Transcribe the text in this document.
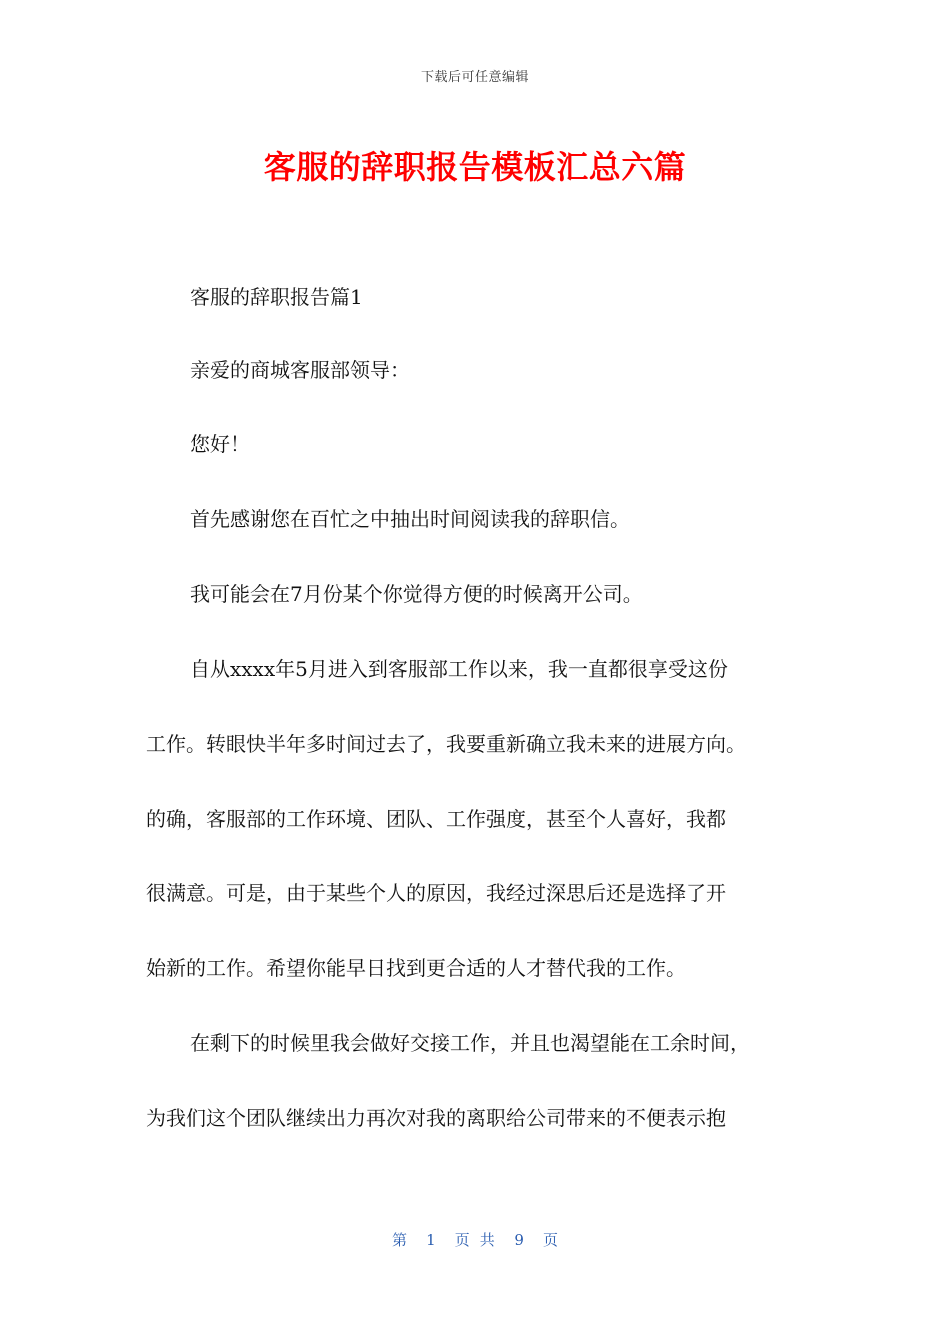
下载后可任意编辑
客服的辞职报告模板汇总六篇
客服的辞职报告篇1
亲爱的商城客服部领导：
您好！
首先感谢您在百忙之中抽出时间阅读我的辞职信。
我可能会在7月份某个你觉得方便的时候离开公司。
自从xxxx年5月进入到客服部工作以来，我一直都很享受这份
工作。转眼快半年多时间过去了，我要重新确立我未来的进展方向。
的确，客服部的工作环境、团队、工作强度，甚至个人喜好，我都
很满意。可是，由于某些个人的原因，我经过深思后还是选择了开
始新的工作。希望你能早日找到更合适的人才替代我的工作。
在剩下的时候里我会做好交接工作，并且也渴望能在工余时间，
为我们这个团队继续出力再次对我的离职给公司带来的不便表示抱
第 1 页共 9 页
